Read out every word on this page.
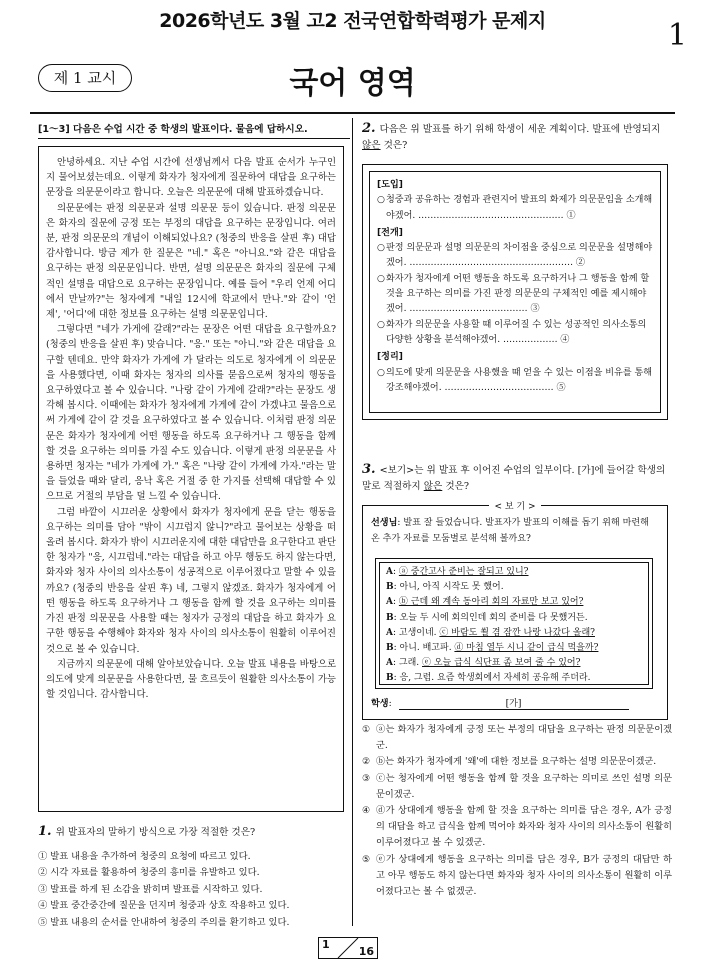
2026학년도 3월 고2 전국연합학력평가 문제지	1
제 1 교시	국어 영역
[1～3] 다음은 수업 시간 중 학생의 발표이다. 물음에 답하시오.

안녕하세요. 지난 수업 시간에 선생님께서 다음 발표 순서가 누구인지 물어보셨는데요. 이렇게 화자가 청자에게 질문하여 대답을 요구하는 문장을 의문문이라고 합니다. 오늘은 의문문에 대해 발표하겠습니다.

의문문에는 판정 의문문과 설명 의문문 등이 있습니다. 판정 의문문은 화자의 질문에 긍정 또는 부정의 대답을 요구하는 문장입니다. 여러분, 판정 의문문의 개념이 이해되었나요? (청중의 반응을 살핀 후) 대답 감사합니다. 방금 제가 한 질문은 "네." 혹은 "아니요."와 같은 대답을 요구하는 판정 의문문입니다. 반면, 설명 의문문은 화자의 질문에 구체적인 설명을 대답으로 요구하는 문장입니다. 예를 들어 "우리 언제 어디에서 만날까?"는 청자에게 "내일 12시에 학교에서 만나."와 같이 '언제', '어디'에 대한 정보를 요구하는 설명 의문문입니다.

그렇다면 "네가 가게에 갈래?"라는 문장은 어떤 대답을 요구할까요? (청중의 반응을 살핀 후) 맞습니다. "응." 또는 "아니."와 같은 대답을 요구할 텐데요. 만약 화자가 가게에 가 달라는 의도로 청자에게 이 의문문을 사용했다면, 이때 화자는 청자의 의사를 묻음으로써 청자의 행동을 요구하였다고 볼 수 있습니다. "나랑 같이 가게에 갈래?"라는 문장도 생각해 봅시다. 이때에는 화자가 청자에게 가게에 같이 가겠냐고 물음으로써 가게에 같이 갈 것을 요구하였다고 볼 수 있습니다. 이처럼 판정 의문문은 화자가 청자에게 어떤 행동을 하도록 요구하거나 그 행동을 함께 할 것을 요구하는 의미를 가질 수도 있습니다. 이렇게 판정 의문문을 사용하면 청자는 "네가 가게에 가." 혹은 "나랑 같이 가게에 가자."라는 말을 들었을 때와 달리, 응낙 혹은 거절 중 한 가지를 선택해 대답할 수 있으므로 거절의 부담을 덜 느낄 수 있습니다.

그럼 바깥이 시끄러운 상황에서 화자가 청자에게 문을 닫는 행동을 요구하는 의미를 담아 "밖이 시끄럽지 않니?"라고 물어보는 상황을 떠올려 봅시다. 화자가 밖이 시끄러운지에 대한 대답만을 요구한다고 판단한 청자가 "응, 시끄럽네."라는 대답을 하고 아무 행동도 하지 않는다면, 화자와 청자 사이의 의사소통이 성공적으로 이루어졌다고 말할 수 있을까요? (청중의 반응을 살핀 후) 네, 그렇지 않겠죠. 화자가 청자에게 어떤 행동을 하도록 요구하거나 그 행동을 함께 할 것을 요구하는 의미를 가진 판정 의문문을 사용할 때는 청자가 긍정의 대답을 하고 화자가 요구한 행동을 수행해야 화자와 청자 사이의 의사소통이 원활히 이루어진 것으로 볼 수 있습니다.

지금까지 의문문에 대해 알아보았습니다. 오늘 발표 내용을 바탕으로 의도에 맞게 의문문을 사용한다면, 물 흐르듯이 원활한 의사소통이 가능할 것입니다. 감사합니다.

1. 위 발표자의 말하기 방식으로 가장 적절한 것은?
① 발표 내용을 추가하여 청중의 요청에 따르고 있다.
② 시각 자료를 활용하여 청중의 흥미를 유발하고 있다.
③ 발표를 하게 된 소감을 밝히며 발표를 시작하고 있다.
④ 발표 중간중간에 질문을 던지며 청중과 상호 작용하고 있다.
⑤ 발표 내용의 순서를 안내하여 청중의 주의를 환기하고 있다.
2. 다음은 위 발표를 하기 위해 학생이 세운 계획이다. 발표에 반영되지 않은 것은?
[도입]
○ 청중과 공유하는 경험과 관련지어 발표의 화제가 의문문임을 소개해야겠어. ………………………………………… ①
[전개]
○ 판정 의문문과 설명 의문문의 차이점을 중심으로 의문문을 설명해야겠어. ……………………………………………… ②
○ 화자가 청자에게 어떤 행동을 하도록 요구하거나 그 행동을 함께 할 것을 요구하는 의미를 가진 판정 의문문의 구체적인 예를 제시해야겠어. ………………………………… ③
○ 화자가 의문문을 사용할 때 이루어질 수 있는 성공적인 의사소통의 다양한 상황을 분석해야겠어. ……………… ④
[정리]
○ 의도에 맞게 의문문을 사용했을 때 얻을 수 있는 이점을 비유를 통해 강조해야겠어. ……………………………… ⑤
3. <보기>는 위 발표 후 이어진 수업의 일부이다. [가]에 들어갈 학생의 말로 적절하지 않은 것은?
< 보 기 >
선생님: 발표 잘 들었습니다. 발표자가 발표의 이해를 돕기 위해 마련해 온 추가 자료를 모둠별로 분석해 볼까요?
A: ⓐ 중간고사 준비는 잘되고 있니?
B: 아니, 아직 시작도 못 했어.
A: ⓑ 근데 왜 계속 동아리 회의 자료만 보고 있어?
B: 오늘 두 시에 회의인데 회의 준비를 다 못했거든.
A: 고생이네. ⓒ 바람도 쐴 겸 잠깐 나랑 나갔다 올래?
B: 아니. 배고파. ⓓ 마침 열두 시니 같이 급식 먹을까?
A: 그래. ⓔ 오늘 급식 식단표 좀 보여 줄 수 있어?
B: 응, 그럼. 요즘 학생회에서 자세히 공유해 주더라.
학생:	[가]
① ⓐ는 화자가 청자에게 긍정 또는 부정의 대답을 요구하는 판정 의문문이겠군.
② ⓑ는 화자가 청자에게 '왜'에 대한 정보를 요구하는 설명 의문문이겠군.
③ ⓒ는 청자에게 어떤 행동을 함께 할 것을 요구하는 의미로 쓰인 설명 의문문이겠군.
④ ⓓ가 상대에게 행동을 함께 할 것을 요구하는 의미를 담은 경우, A가 긍정의 대답을 하고 급식을 함께 먹어야 화자와 청자 사이의 의사소통이 원활히 이루어졌다고 볼 수 있겠군.
⑤ ⓔ가 상대에게 행동을 요구하는 의미를 담은 경우, B가 긍정의 대답만 하고 아무 행동도 하지 않는다면 화자와 청자 사이의 의사소통이 원활히 이루어졌다고는 볼 수 없겠군.
1
16
